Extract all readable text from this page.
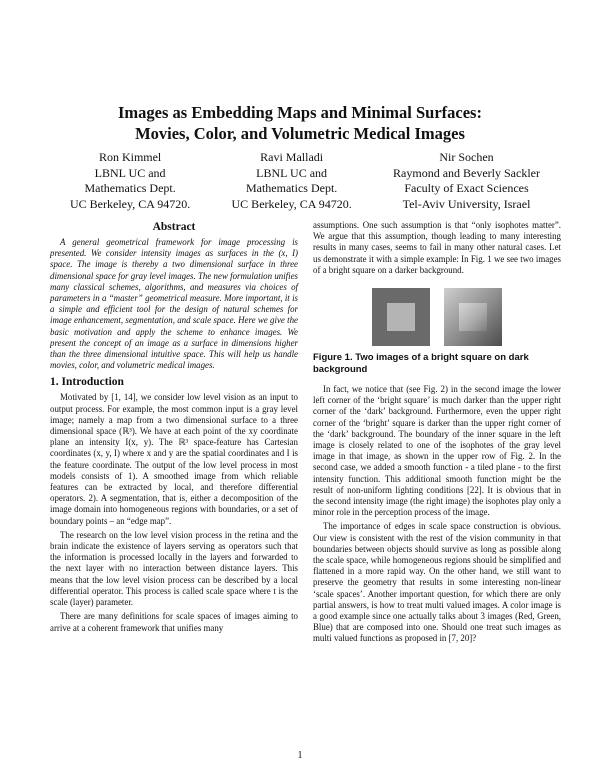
Images as Embedding Maps and Minimal Surfaces:
Movies, Color, and Volumetric Medical Images
Ron Kimmel
LBNL UC and
Mathematics Dept.
UC Berkeley, CA 94720.
Ravi Malladi
LBNL UC and
Mathematics Dept.
UC Berkeley, CA 94720.
Nir Sochen
Raymond and Beverly Sackler
Faculty of Exact Sciences
Tel-Aviv University, Israel
Abstract

A general geometrical framework for image processing is presented. We consider intensity images as surfaces in the (x, I) space. The image is thereby a two dimensional surface in three dimensional space for gray level images. The new formulation unifies many classical schemes, algorithms, and measures via choices of parameters in a “master” geometrical measure. More important, it is a simple and efficient tool for the design of natural schemes for image enhancement, segmentation, and scale space. Here we give the basic motivation and apply the scheme to enhance images. We present the concept of an image as a surface in dimensions higher than the three dimensional intuitive space. This will help us handle movies, color, and volumetric medical images.

1. Introduction

Motivated by [1, 14], we consider low level vision as an input to output process. For example, the most common input is a gray level image; namely a map from a two dimensional surface to a three dimensional space (ℝ³). We have at each point of the xy coordinate plane an intensity I(x, y). The ℝ³ space-feature has Cartesian coordinates (x, y, I) where x and y are the spatial coordinates and I is the feature coordinate. The output of the low level process in most models consists of 1). A smoothed image from which reliable features can be extracted by local, and therefore differential operators. 2). A segmentation, that is, either a decomposition of the image domain into homogeneous regions with boundaries, or a set of boundary points – an “edge map”.

The research on the low level vision process in the retina and the brain indicate the existence of layers serving as operators such that the information is processed locally in the layers and forwarded to the next layer with no interaction between distance layers. This means that the low level vision process can be described by a local differential operator. This process is called scale space where t is the scale (layer) parameter.

There are many definitions for scale spaces of images aiming to arrive at a coherent framework that unifies many

assumptions. One such assumption is that “only isophotes matter”. We argue that this assumption, though leading to many interesting results in many cases, seems to fail in many other natural cases. Let us demonstrate it with a simple example: In Fig. 1 we see two images of a bright square on a darker background.

Figure 1. Two images of a bright square on dark background

In fact, we notice that (see Fig. 2) in the second image the lower left corner of the ‘bright square’ is much darker than the upper right corner of the ‘dark’ background. Furthermore, even the upper right corner of the ‘bright’ square is darker than the upper right corner of the ‘dark’ background. The boundary of the inner square in the left image is closely related to one of the isophotes of the gray level image in that image, as shown in the upper row of Fig. 2. In the second case, we added a smooth function - a tiled plane - to the first intensity function. This additional smooth function might be the result of non-uniform lighting conditions [22]. It is obvious that in the second intensity image (the right image) the isophotes play only a minor role in the perception process of the image.

The importance of edges in scale space construction is obvious. Our view is consistent with the rest of the vision community in that boundaries between objects should survive as long as possible along the scale space, while homogeneous regions should be simplified and flattened in a more rapid way. On the other hand, we still want to preserve the geometry that results in some interesting non-linear ‘scale spaces’. Another important question, for which there are only partial answers, is how to treat multi valued images. A color image is a good example since one actually talks about 3 images (Red, Green, Blue) that are composed into one. Should one treat such images as multi valued functions as proposed in [7, 20]?

1
